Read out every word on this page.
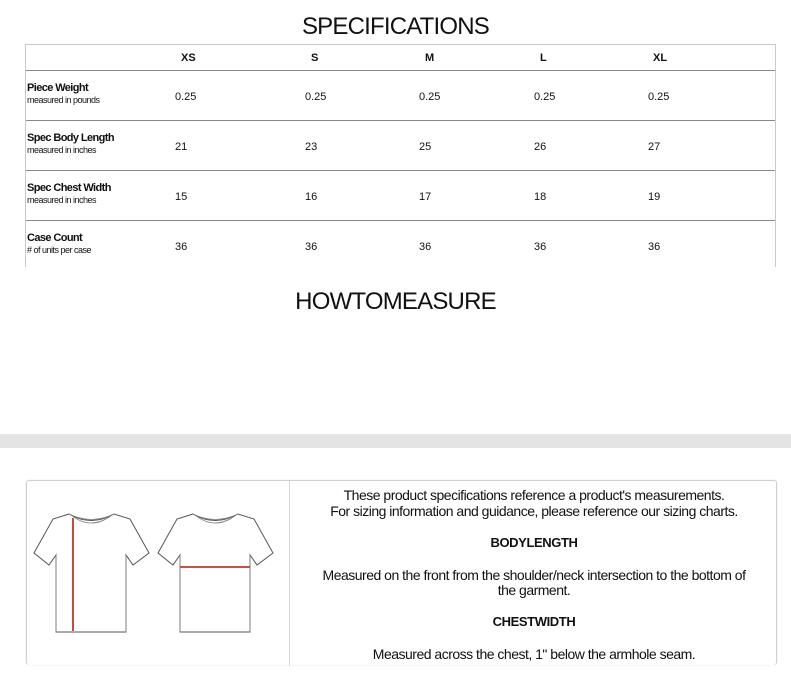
SPECIFICATIONS
XS	S	M	L	XL
Piece Weight
measured in pounds	0.25	0.25	0.25	0.25	0.25
Spec Body Length
measured in inches	21	23	25	26	27
Spec Chest Width
measured in inches	15	16	17	18	19
Case Count
# of units per case	36	36	36	36	36
HOWTOMEASURE
These product specifications reference a product's measurements.
For sizing information and guidance, please reference our sizing charts.
BODYLENGTH
Measured on the front from the shoulder/neck intersection to the bottom of
the garment.
CHESTWIDTH
Measured across the chest, 1" below the armhole seam.
